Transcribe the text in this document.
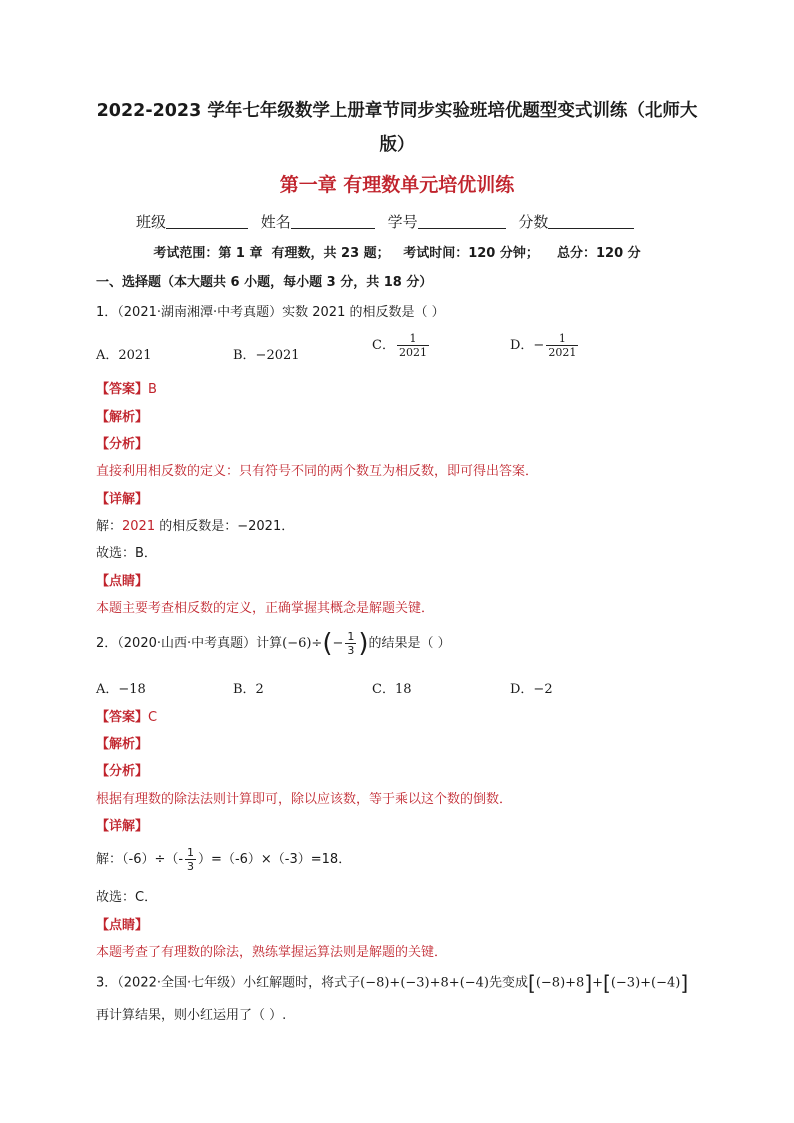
2022-2023 学年七年级数学上册章节同步实验班培优题型变式训练（北师大
版）
第一章 有理数单元培优训练
班级	姓名	学号	分数
考试范围：第 1 章  有理数，共 23 题；   考试时间：120 分钟；    总分：120 分
一、选择题（本大题共 6 小题，每小题 3 分，共 18 分）
1．（2021·湖南湘潭·中考真题）实数 2021 的相反数是（ ）
A．2021	B．−2021
C． $\frac{1}{2021}$	D．− $\frac{1}{2021}$
【答案】B
【解析】
【分析】
直接利用相反数的定义：只有符号不同的两个数互为相反数，即可得出答案．
【详解】
解：2021 的相反数是：−2021．
故选：B．
【点睛】
本题主要考查相反数的定义，正确掌握其概念是解题关键．
2．（2020·山西·中考真题）计算$(-6)\div(- \frac{1}{3}$ )的结果是（ ）
A．−18	B．2	C．18	D．−2
【答案】C
【解析】
【分析】
根据有理数的除法法则计算即可，除以应该数，等于乘以这个数的倒数．
【详解】
解：$(-6)\div(- \frac{1}{3} )=(-6)\times(-3)=18$．
故选：C．
【点睛】
本题考查了有理数的除法，熟练掌握运算法则是解题的关键．
3．（2022·全国·七年级）小红解题时，将式子(−8)+(−3)+8+(−4)先变成[(−8)+8]+[(−3)+(−4)]
再计算结果，则小红运用了（ ）.
